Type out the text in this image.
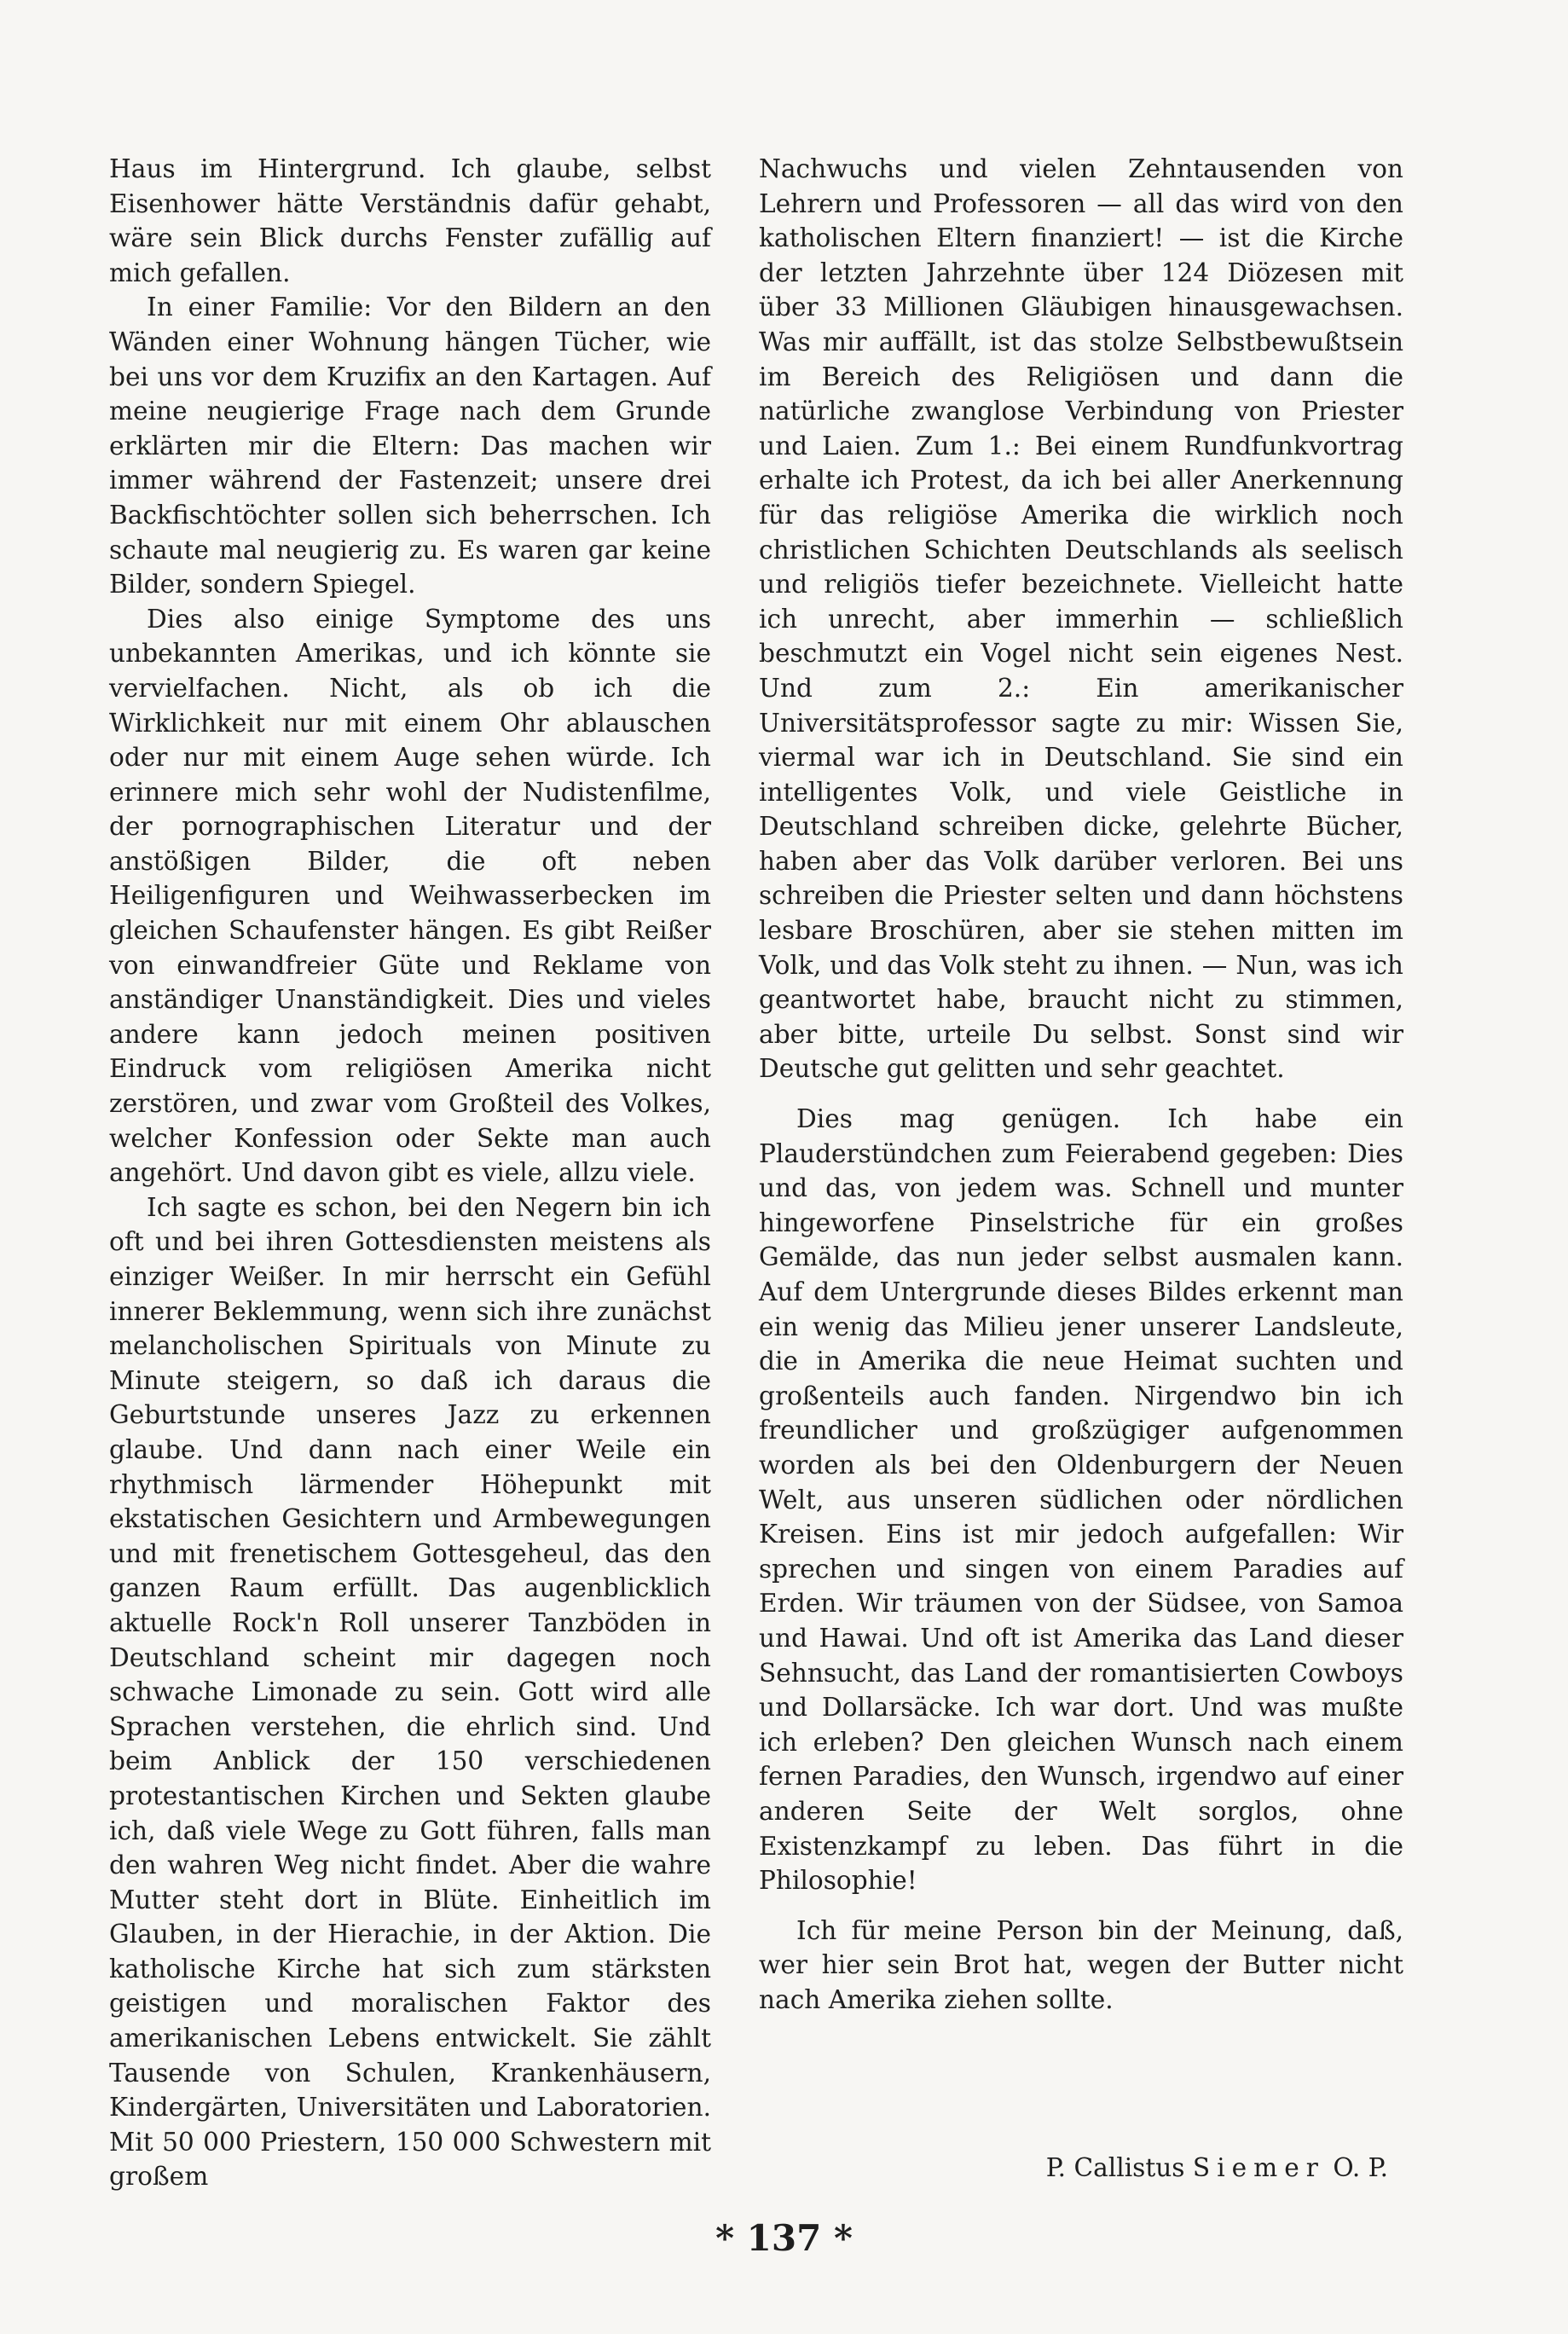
Haus im Hintergrund. Ich glaube, selbst Eisenhower hätte Verständnis dafür gehabt, wäre sein Blick durchs Fenster zufällig auf mich gefallen.

In einer Familie: Vor den Bildern an den Wänden einer Wohnung hängen Tücher, wie bei uns vor dem Kruzifix an den Kartagen. Auf meine neugierige Frage nach dem Grunde erklärten mir die Eltern: Das machen wir immer während der Fastenzeit; unsere drei Backfischtöchter sollen sich beherrschen. Ich schaute mal neugierig zu. Es waren gar keine Bilder, sondern Spiegel.

Dies also einige Symptome des uns unbekannten Amerikas, und ich könnte sie vervielfachen. Nicht, als ob ich die Wirklichkeit nur mit einem Ohr ablauschen oder nur mit einem Auge sehen würde. Ich erinnere mich sehr wohl der Nudistenfilme, der pornographischen Literatur und der anstößigen Bilder, die oft neben Heiligenfiguren und Weihwasserbecken im gleichen Schaufenster hängen. Es gibt Reißer von einwandfreier Güte und Reklame von anständiger Unanständigkeit. Dies und vieles andere kann jedoch meinen positiven Eindruck vom religiösen Amerika nicht zerstören, und zwar vom Großteil des Volkes, welcher Konfession oder Sekte man auch angehört. Und davon gibt es viele, allzu viele.

Ich sagte es schon, bei den Negern bin ich oft und bei ihren Gottesdiensten meistens als einziger Weißer. In mir herrscht ein Gefühl innerer Beklemmung, wenn sich ihre zunächst melancholischen Spirituals von Minute zu Minute steigern, so daß ich daraus die Geburtstunde unseres Jazz zu erkennen glaube. Und dann nach einer Weile ein rhythmisch lärmender Höhepunkt mit ekstatischen Gesichtern und Armbewegungen und mit frenetischem Gottesgeheul, das den ganzen Raum erfüllt. Das augenblicklich aktuelle Rock'n Roll unserer Tanzböden in Deutschland scheint mir dagegen noch schwache Limonade zu sein. Gott wird alle Sprachen verstehen, die ehrlich sind. Und beim Anblick der 150 verschiedenen protestantischen Kirchen und Sekten glaube ich, daß viele Wege zu Gott führen, falls man den wahren Weg nicht findet. Aber die wahre Mutter steht dort in Blüte. Einheitlich im Glauben, in der Hierachie, in der Aktion. Die katholische Kirche hat sich zum stärksten geistigen und moralischen Faktor des amerikanischen Lebens entwickelt. Sie zählt Tausende von Schulen, Krankenhäusern, Kindergärten, Universitäten und Laboratorien. Mit 50 000 Priestern, 150 000 Schwestern mit großem

Nachwuchs und vielen Zehntausenden von Lehrern und Professoren — all das wird von den katholischen Eltern finanziert! — ist die Kirche der letzten Jahrzehnte über 124 Diözesen mit über 33 Millionen Gläubigen hinausgewachsen. Was mir auffällt, ist das stolze Selbstbewußtsein im Bereich des Religiösen und dann die natürliche zwanglose Verbindung von Priester und Laien. Zum 1.: Bei einem Rundfunkvortrag erhalte ich Protest, da ich bei aller Anerkennung für das religiöse Amerika die wirklich noch christlichen Schichten Deutschlands als seelisch und religiös tiefer bezeichnete. Vielleicht hatte ich unrecht, aber immerhin — schließlich beschmutzt ein Vogel nicht sein eigenes Nest. Und zum 2.: Ein amerikanischer Universitätsprofessor sagte zu mir: Wissen Sie, viermal war ich in Deutschland. Sie sind ein intelligentes Volk, und viele Geistliche in Deutschland schreiben dicke, gelehrte Bücher, haben aber das Volk darüber verloren. Bei uns schreiben die Priester selten und dann höchstens lesbare Broschüren, aber sie stehen mitten im Volk, und das Volk steht zu ihnen. — Nun, was ich geantwortet habe, braucht nicht zu stimmen, aber bitte, urteile Du selbst. Sonst sind wir Deutsche gut gelitten und sehr geachtet.

Dies mag genügen. Ich habe ein Plauderstündchen zum Feierabend gegeben: Dies und das, von jedem was. Schnell und munter hingeworfene Pinselstriche für ein großes Gemälde, das nun jeder selbst ausmalen kann. Auf dem Untergrunde dieses Bildes erkennt man ein wenig das Milieu jener unserer Landsleute, die in Amerika die neue Heimat suchten und großenteils auch fanden. Nirgendwo bin ich freundlicher und großzügiger aufgenommen worden als bei den Oldenburgern der Neuen Welt, aus unseren südlichen oder nördlichen Kreisen. Eins ist mir jedoch aufgefallen: Wir sprechen und singen von einem Paradies auf Erden. Wir träumen von der Südsee, von Samoa und Hawai. Und oft ist Amerika das Land dieser Sehnsucht, das Land der romantisierten Cowboys und Dollarsäcke. Ich war dort. Und was mußte ich erleben? Den gleichen Wunsch nach einem fernen Paradies, den Wunsch, irgendwo auf einer anderen Seite der Welt sorglos, ohne Existenzkampf zu leben. Das führt in die Philosophie!

Ich für meine Person bin der Meinung, daß, wer hier sein Brot hat, wegen der Butter nicht nach Amerika ziehen sollte.

P. Callistus Siemer O. P.
* 137 *
